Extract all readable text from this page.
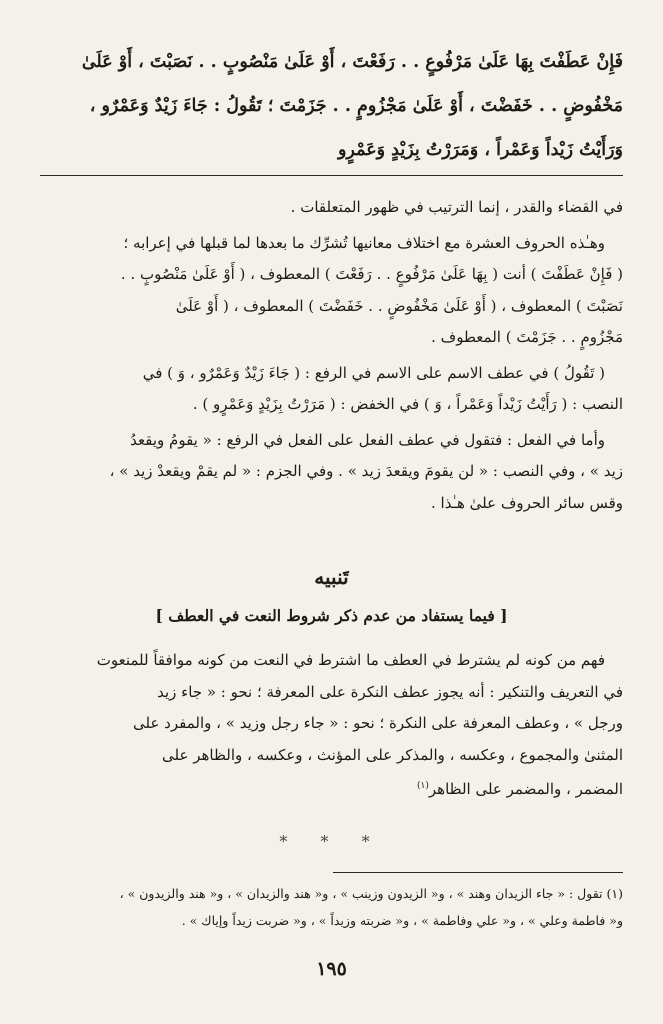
فَإِنْ عَطَفْتَ بِهَا عَلَىٰ مَرْفُوعٍ . . رَفَعْتَ ، أَوْ عَلَىٰ مَنْصُوبٍ . . نَصَبْتَ ، أَوْ عَلَىٰ
مَخْفُوضٍ . . خَفَضْتَ ، أَوْ عَلَىٰ مَجْزُومٍ . . جَزَمْتَ ؛ تَقُولُ : جَاءَ زَيْدٌ وَعَمْرٌو ،
وَرَأَيْتُ زَيْداً وَعَمْراً ، وَمَرَرْتُ بِزَيْدٍ وَعَمْرٍو

في القضاء والقدر ، إنما الترتيب في ظهور المتعلقات .

وهـٰذه الحروف العشرة مع اختلاف معانيها تُشرِّك ما بعدها لما قبلها في إعرابه ؛
( فَإِنْ عَطَفْتَ ) أنت ( بِهَا عَلَىٰ مَرْفُوعٍ . . رَفَعْتَ ) المعطوف ، ( أَوْ عَلَىٰ مَنْصُوبٍ . .
نَصَبْتَ ) المعطوف ، ( أَوْ عَلَىٰ مَخْفُوضٍ . . خَفَضْتَ ) المعطوف ، ( أَوْ عَلَىٰ
مَجْزُومٍ . . جَزَمْتَ ) المعطوف .

( تَقُولُ ) في عطف الاسم على الاسم في الرفع : ( جَاءَ زَيْدٌ وَعَمْرٌو ، وَ ) في
النصب : ( رَأَيْتُ زَيْداً وَعَمْراً ، وَ ) في الخفض : ( مَرَرْتُ بِزَيْدٍ وَعَمْرٍو ) .

وأما في الفعل : فتقول في عطف الفعل على الفعل في الرفع : « يقومُ ويقعدُ
زيد » ، وفي النصب : « لن يقومَ ويقعدَ زيد » . وفي الجزم : « لم يقمْ ويقعدْ زيد » ،
وقس سائر الحروف علىٰ هـٰذا .

تَنبيه
[ فيما يستفاد من عدم ذكر شروط النعت في العطف ]
فهم من كونه لم يشترط في العطف ما اشترط في النعت من كونه موافقاً للمنعوت
في التعريف والتنكير : أنه يجوز عطف النكرة على المعرفة ؛ نحو : « جاء زيد
ورجل » ، وعطف المعرفة على النكرة ؛ نحو : « جاء رجل وزيد » ، والمفرد على
المثنىٰ والمجموع ، وعكسه ، والمذكر على المؤنث ، وعكسه ، والظاهر على
المضمر ، والمضمر على الظاهر$^{(١)}$
* * *
(١) تقول : « جاء الزيدان وهند » ، و« الزيدون وزينب » ، و« هند والزيدان » ، و« هند والزيدون » ،
و« فاطمة وعلي » ، و« علي وفاطمة » ، و« ضربته وزيداً » ، و« ضربت زيداً وإياك » .
١٩٥
